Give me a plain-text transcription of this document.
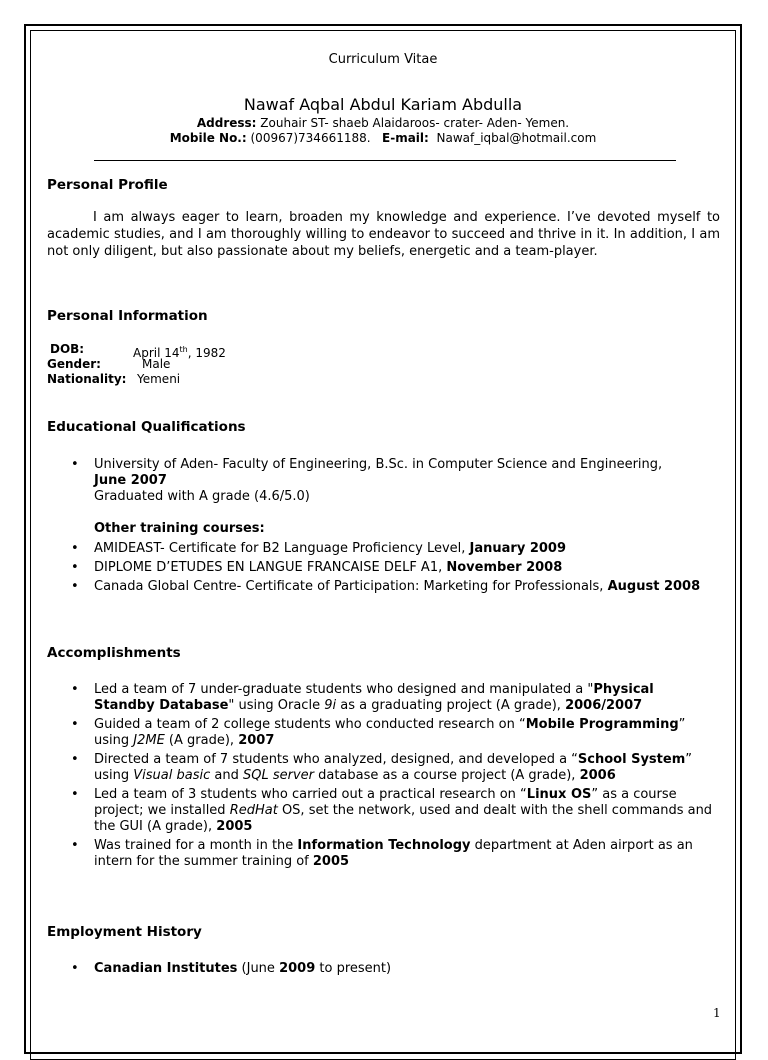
Curriculum Vitae
Nawaf Aqbal Abdul Kariam Abdulla
Address: Zouhair ST- shaeb Alaidaroos- crater- Aden- Yemen.
Mobile No.: (00967)734661188. E-mail: Nawaf_iqbal@hotmail.com
Personal Profile
I am always eager to learn, broaden my knowledge and experience. I’ve devoted myself to academic studies, and I am thoroughly willing to endeavor to succeed and thrive in it. In addition, I am not only diligent, but also passionate about my beliefs, energetic and a team-player.
Personal Information
DOB:	April 14th, 1982
Gender:	Male
Nationality: Yemeni
Educational Qualifications
• University of Aden- Faculty of Engineering, B.Sc. in Computer Science and Engineering,
June 2007
Graduated with A grade (4.6/5.0)
Other training courses:
• AMIDEAST- Certificate for B2 Language Proficiency Level, January 2009
• DIPLOME D’ETUDES EN LANGUE FRANCAISE DELF A1, November 2008
• Canada Global Centre- Certificate of Participation: Marketing for Professionals, August 2008
Accomplishments
• Led a team of 7 under-graduate students who designed and manipulated a "Physical Standby Database" using Oracle 9i as a graduating project (A grade), 2006/2007
• Guided a team of 2 college students who conducted research on “Mobile Programming” using J2ME (A grade), 2007
• Directed a team of 7 students who analyzed, designed, and developed a “School System” using Visual basic and SQL server database as a course project (A grade), 2006
• Led a team of 3 students who carried out a practical research on “Linux OS” as a course project; we installed RedHat OS, set the network, used and dealt with the shell commands and the GUI (A grade), 2005
• Was trained for a month in the Information Technology department at Aden airport as an intern for the summer training of 2005
Employment History
• Canadian Institutes (June 2009 to present)
1
